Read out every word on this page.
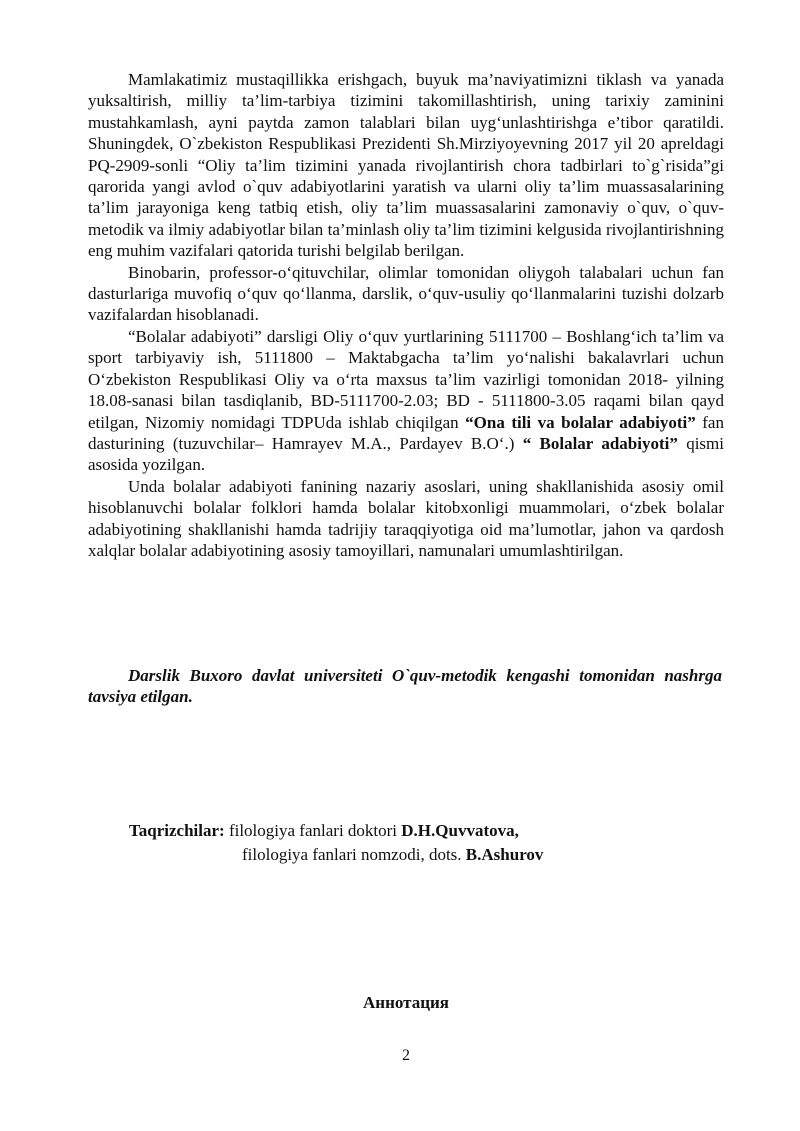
Mamlakatimiz mustaqillikka erishgach, buyuk ma’naviyatimizni tiklash va yanada yuksaltirish, milliy ta’lim-tarbiya tizimini takomillashtirish, uning tarixiy zaminini mustahkamlash, ayni paytda zamon talablari bilan uyg‘unlashtirishga e’tibor qaratildi. Shuningdek, O`zbekiston Respublikasi Prezidenti Sh.Mirziyoyevning 2017 yil 20 apreldagi PQ-2909-sonli “Oliy ta’lim tizimini yanada rivojlantirish chora tadbirlari to`g`risida”gi qarorida yangi avlod o`quv adabiyotlarini yaratish va ularni oliy ta’lim muassasalarining ta’lim jarayoniga keng tatbiq etish, oliy ta’lim muassasalarini zamonaviy o`quv, o`quv-metodik va ilmiy adabiyotlar bilan ta’minlash oliy ta’lim tizimini kelgusida rivojlantirishning eng muhim vazifalari qatorida turishi belgilab berilgan.

Binobarin, professor-o‘qituvchilar, olimlar tomonidan oliygoh talabalari uchun fan dasturlariga muvofiq o‘quv qo‘llanma, darslik, o‘quv-usuliy qo‘llanmalarini tuzishi dolzarb vazifalardan hisoblanadi.

“Bolalar adabiyoti” darsligi Oliy o‘quv yurtlarining 5111700 – Boshlang‘ich ta’lim va sport tarbiyaviy ish, 5111800 – Maktabgacha ta’lim yo‘nalishi bakalavrlari uchun O‘zbekiston Respublikasi Oliy va o‘rta maxsus ta’lim vazirligi tomonidan 2018- yilning 18.08-sanasi bilan tasdiqlanib, BD-5111700-2.03; BD - 5111800-3.05 raqami bilan qayd etilgan, Nizomiy nomidagi TDPUda ishlab chiqilgan “Ona tili va bolalar adabiyoti” fan dasturining (tuzuvchilar– Hamrayev M.A., Pardayev B.O‘.) “ Bolalar adabiyoti” qismi asosida yozilgan.

Unda bolalar adabiyoti fanining nazariy asoslari, uning shakllanishida asosiy omil hisoblanuvchi bolalar folklori hamda bolalar kitobxonligi muammolari, o‘zbek bolalar adabiyotining shakllanishi hamda tadrijiy taraqqiyotiga oid ma’lumotlar, jahon va qardosh xalqlar bolalar adabiyotining asosiy tamoyillari, namunalari umumlashtirilgan.

Darslik Buxoro davlat universiteti O`quv-metodik kengashi tomonidan nashrga tavsiya etilgan.

Taqrizchilar: filologiya fanlari doktori D.H.Quvvatova,
filologiya fanlari nomzodi, dots. B.Ashurov
Аннотация
2
